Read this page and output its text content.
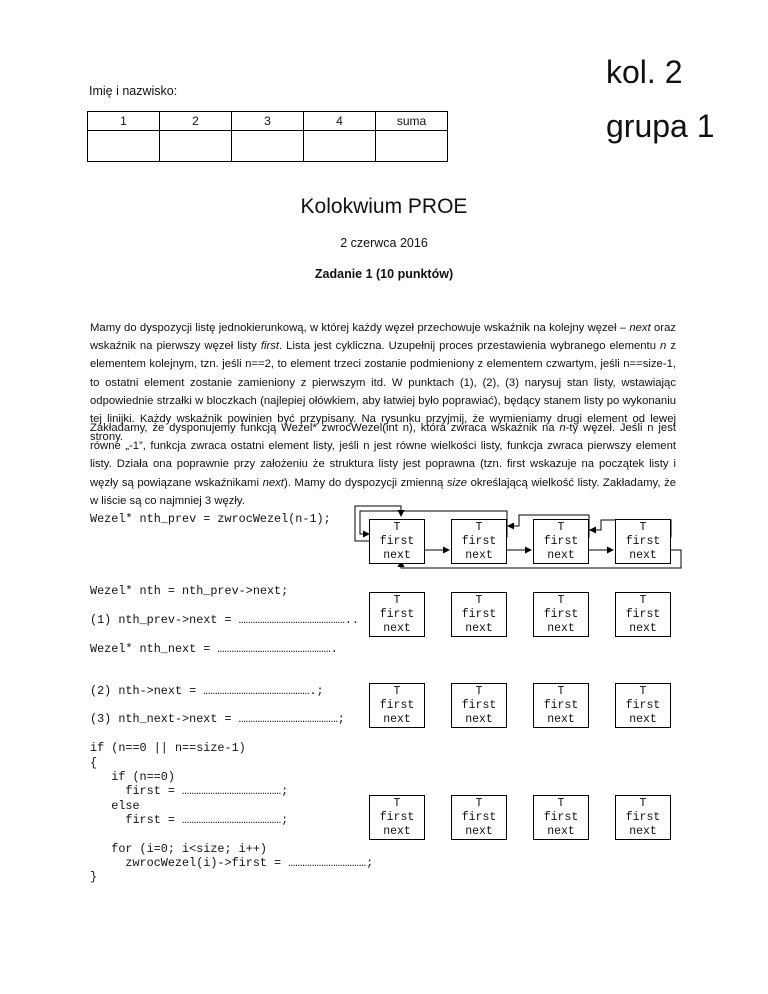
Imię i nazwisko:
kol. 2
grupa 1
1	2	3	4	suma

Kolokwium PROE
2 czerwca 2016
Zadanie 1 (10 punktów)
Mamy do dyspozycji listę jednokierunkową, w której każdy węzeł przechowuje wskaźnik na kolejny węzeł – next oraz wskaźnik na pierwszy węzeł listy first. Lista jest cykliczna. Uzupełnij proces przestawienia wybranego elementu n z elementem kolejnym, tzn. jeśli n==2, to element trzeci zostanie podmieniony z elementem czwartym, jeśli n==size-1, to ostatni element zostanie zamieniony z pierwszym itd. W punktach (1), (2), (3) narysuj stan listy, wstawiając odpowiednie strzałki w bloczkach (najlepiej ołówkiem, aby łatwiej było poprawiać), będący stanem listy po wykonaniu tej linijki. Każdy wskaźnik powinien być przypisany. Na rysunku przyjmij, że wymieniamy drugi element od lewej strony.
Zakładamy, że dysponujemy funkcją Wezel* zwrocWezel(int n), która zwraca wskaźnik na n-ty węzeł. Jeśli n jest równe „-1”, funkcja zwraca ostatni element listy, jeśli n jest równe wielkości listy, funkcja zwraca pierwszy element listy. Działa ona poprawnie przy założeniu że struktura listy jest poprawna (tzn. first wskazuje na początek listy i węzły są powiązane wskaźnikami next). Mamy do dyspozycji zmienną size określającą wielkość listy. Zakładamy, że w liście są co najmniej 3 węzły.
Wezel* nth_prev = zwrocWezel(n-1);
Wezel* nth = nth_prev->next;
(1) nth_prev->next = ………………………………………..
Wezel* nth_next = ………………………………………….
(2) nth->next = ……………………………………….;
(3) nth_next->next = ……………………………………;
if (n==0 || n==size-1)
{
if (n==0)
first = ……………………………………;
else
first = ……………………………………;
for (i=0; i<size; i++)
zwrocWezel(i)->first = ……………………………;
}
T
first
next
T
first
next
T
first
next
T
first
next
T
first
next
T
first
next
T
first
next
T
first
next
T
first
next
T
first
next
T
first
next
T
first
next
T
first
next
T
first
next
T
first
next
T
first
next
